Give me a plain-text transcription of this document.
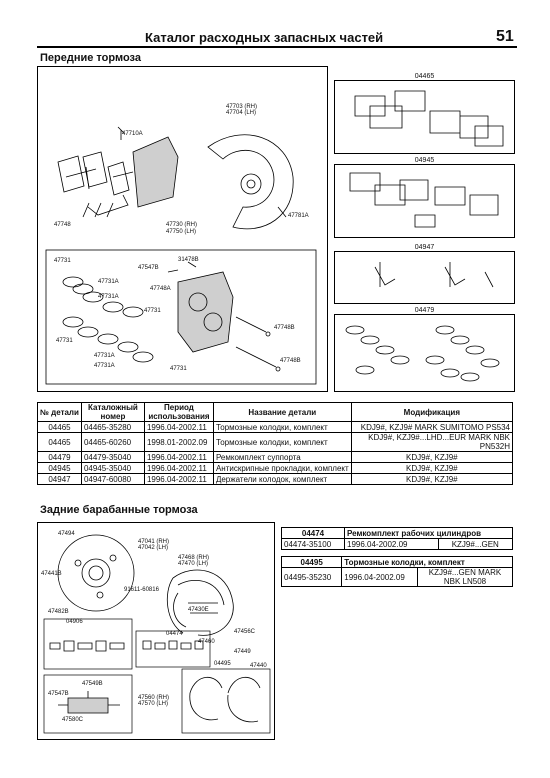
Каталог расходных запасных частей	51
Передние тормоза
47710A
47703 (RH)
47704 (LH)
47748	47730 (RH)
47750 (LH)
47781A
31478B
47731
47547B
47731A
47748A
47731A
47731
47731
47731A
47731A	47731
47748B
47748B
04465
04945
04947
04479
№ детали	Каталожный номер	Период использования	Название детали	Модификация
04465	04465-35280	1996.04-2002.11	Тормозные колодки, комплект	KDJ9#, KZJ9# MARK SUMITOMO PS534
04465	04465-60260	1998.01-2002.09	Тормозные колодки, комплект	KDJ9#, KZJ9#...LHD...EUR MARK NBK PN532H
04479	04479-35040	1996.04-2002.11	Ремкомплект суппорта	KDJ9#, KZJ9#
04945	04945-35040	1996.04-2002.11	Антискрипные прокладки, комплект	KDJ9#, KZJ9#
04947	04947-60080	1996.04-2002.11	Держатели колодок, комплект	KDJ9#, KZJ9#
Задние барабанные тормоза
47494
47041 (RH)
47042 (LH)
47441B
47468 (RH)
47470 (LH)
91611-60816
47482B
04906
47430E
04474	47456C
47460
47449
04495	47440
47549B
47547B
47560 (RH)
47570 (LH)
47580C
04474	Ремкомплект рабочих цилиндров	
04474-35100	1996.04-2002.09	KZJ9#...GEN
04495	Тормозные колодки, комплект	
04495-35230	1996.04-2002.09	KZJ9#...GEN MARK NBK LN508
